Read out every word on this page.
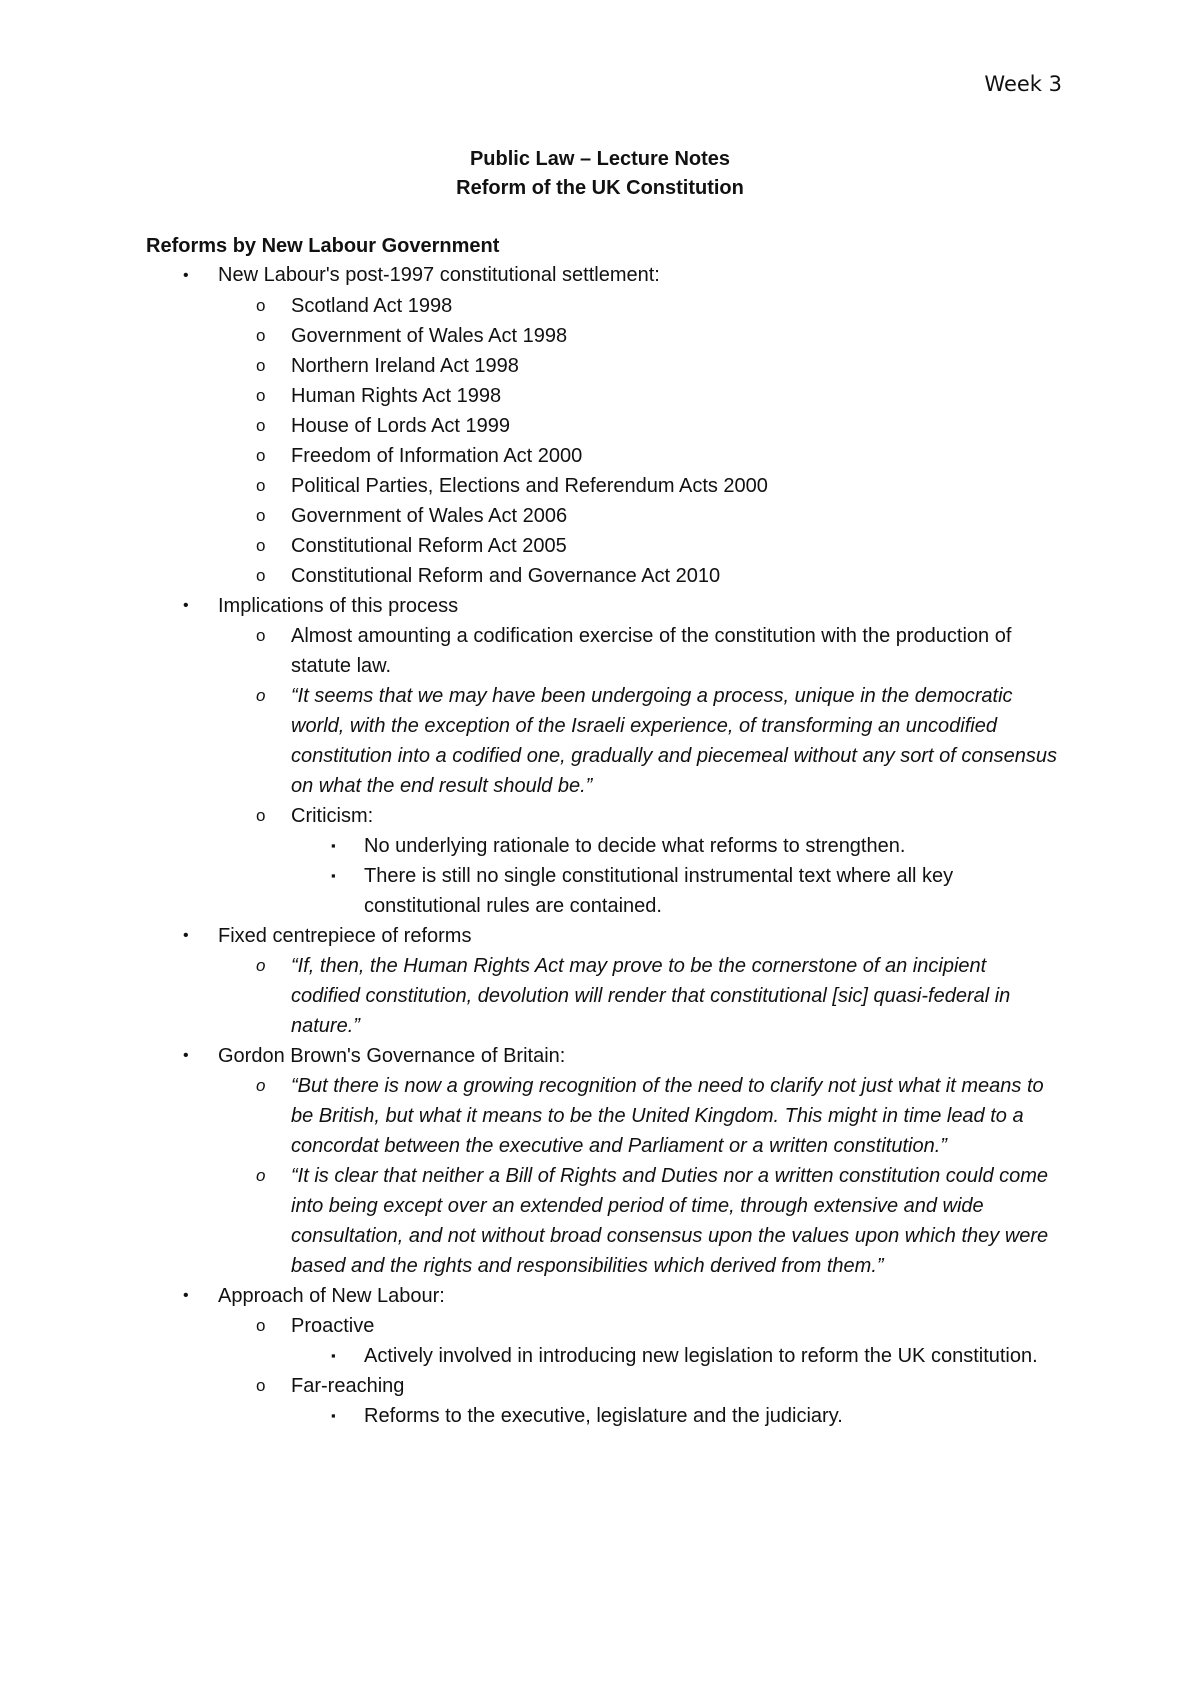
Week 3
Public Law – Lecture Notes
Reform of the UK Constitution
Reforms by New Labour Government
• New Labour's post-1997 constitutional settlement:
o Scotland Act 1998
o Government of Wales Act 1998
o Northern Ireland Act 1998
o Human Rights Act 1998
o House of Lords Act 1999
o Freedom of Information Act 2000
o Political Parties, Elections and Referendum Acts 2000
o Government of Wales Act 2006
o Constitutional Reform Act 2005
o Constitutional Reform and Governance Act 2010
• Implications of this process
o Almost amounting a codification exercise of the constitution with the production of statute law.
o “It seems that we may have been undergoing a process, unique in the democratic world, with the exception of the Israeli experience, of transforming an uncodified constitution into a codified one, gradually and piecemeal without any sort of consensus on what the end result should be.”
o Criticism:
▪ No underlying rationale to decide what reforms to strengthen.
▪ There is still no single constitutional instrumental text where all key constitutional rules are contained.
• Fixed centrepiece of reforms
o “If, then, the Human Rights Act may prove to be the cornerstone of an incipient codified constitution, devolution will render that constitutional [sic] quasi-federal in nature.”
• Gordon Brown's Governance of Britain:
o “But there is now a growing recognition of the need to clarify not just what it means to be British, but what it means to be the United Kingdom. This might in time lead to a concordat between the executive and Parliament or a written constitution.”
o “It is clear that neither a Bill of Rights and Duties nor a written constitution could come into being except over an extended period of time, through extensive and wide consultation, and not without broad consensus upon the values upon which they were based and the rights and responsibilities which derived from them.”
• Approach of New Labour:
o Proactive
▪ Actively involved in introducing new legislation to reform the UK constitution.
o Far-reaching
▪ Reforms to the executive, legislature and the judiciary.
